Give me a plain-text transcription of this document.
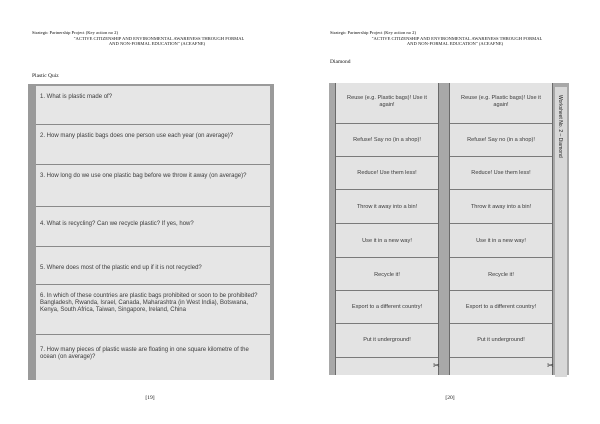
Strategic Partnership Project (Key action no 2)
"ACTIVE CITIZENSHIP AND ENVIRONMENTAL AWARENESS THROUGH FORMAL
AND NON-FORMAL EDUCATION" (ACEAFNE)
Plastic Quiz
1. What is plastic made of?
2. How many plastic bags does one person use each year (on average)?
3. How long do we use one plastic bag before we throw it away (on average)?
4. What is recycling? Can we recycle plastic? If yes, how?
5. Where does most of the plastic end up if it is not recycled?
6. In which of these countries are plastic bags prohibited or soon to be prohibited? Bangladesh, Rwanda, Israel, Canada, Maharashtra (in West India), Botswana, Kenya, South Africa, Taiwan, Singapore, Ireland, China
7. How many pieces of plastic waste are floating in one square kilometre of the ocean (on average)?
[19]
Strategic Partnership Project (Key action no 2)
"ACTIVE CITIZENSHIP AND ENVIRONMENTAL AWARENESS THROUGH FORMAL
AND NON-FORMAL EDUCATION" (ACEAFNE)
Diamond
Reuse (e.g. Plastic bags)! Use it again!
Refuse! Say no (in a shop)!
Reduce! Use them less!
Throw it away into a bin!
Use it in a new way!
Recycle it!
Export to a different country!
Put it underground!
Reuse (e.g. Plastic bags)! Use it again!
Refuse! Say no (in a shop)!
Reduce! Use them less!
Throw it away into a bin!
Use it in a new way!
Recycle it!
Export to a different country!
Put it underground!
Worksheet No. 2 – Diamond
✂	✂
[20]
